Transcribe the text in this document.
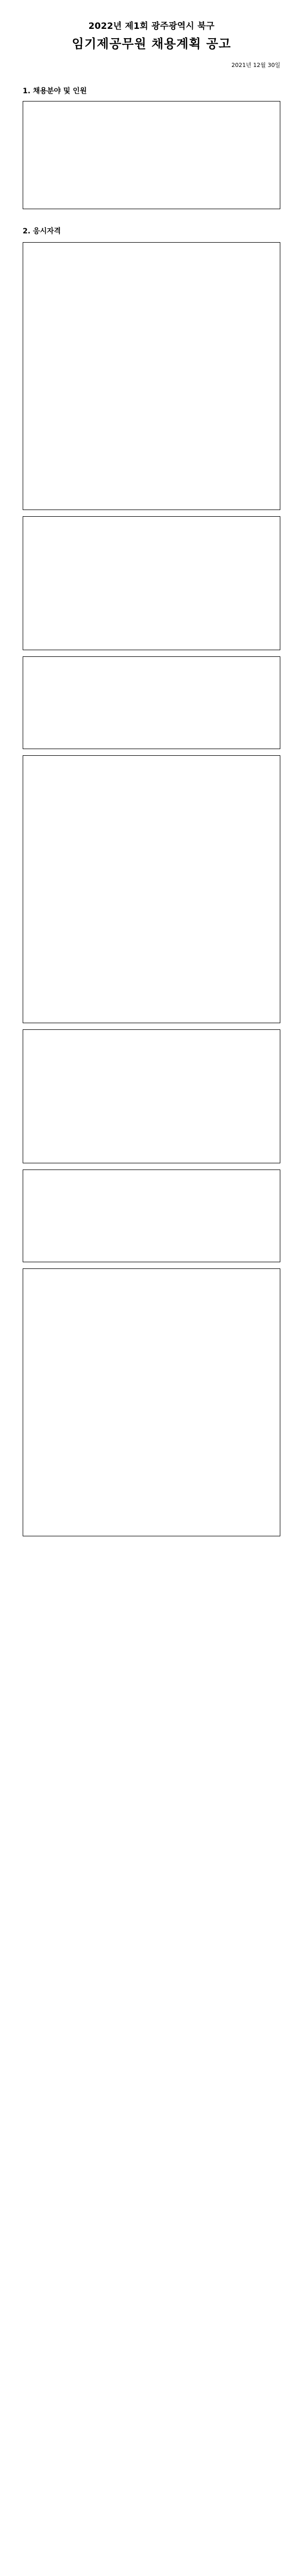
2022년 제1회 광주광역시 북구
임기제공무원 채용계획 공고
2021년 12월 30일
1. 채용분야 및 인원
2. 응시자격
